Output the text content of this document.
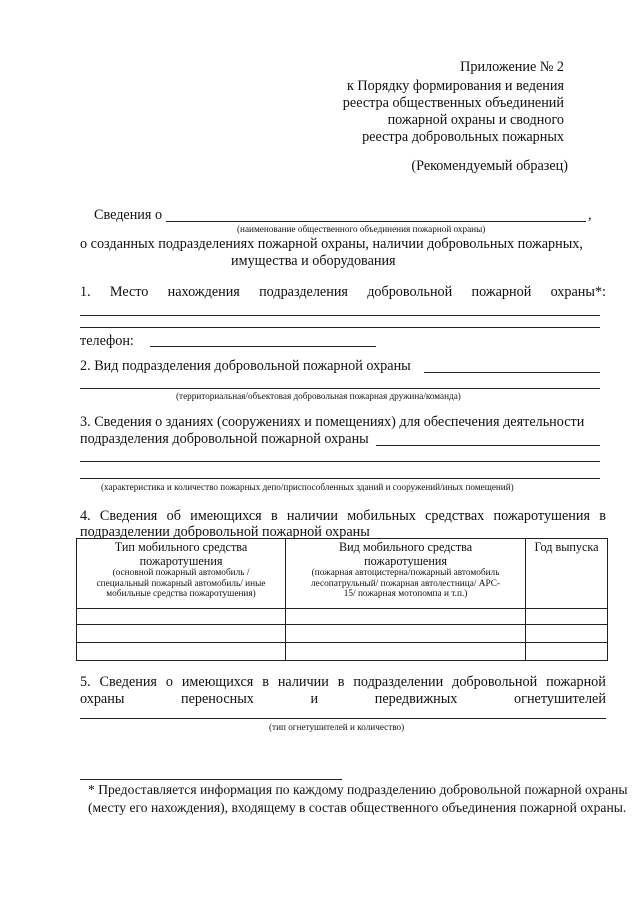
Приложение № 2
к Порядку формирования и ведения
реестра общественных объединений
пожарной охраны и сводного
реестра добровольных пожарных
(Рекомендуемый образец)
Сведения о	,
(наименование общественного объединения пожарной охраны)
о созданных подразделениях пожарной охраны, наличии добровольных пожарных,
имущества и оборудования
1. Место нахождения подразделения добровольной пожарной охраны*:
телефон:
2. Вид подразделения добровольной пожарной охраны
(территориальная/объектовая добровольная пожарная дружина/команда)
3. Сведения о зданиях (сооружениях и помещениях) для обеспечения деятельности
подразделения добровольной пожарной охраны
(характеристика и количество пожарных депо/приспособленных зданий и сооружений/иных помещений)
4. Сведения об имеющихся в наличии мобильных средствах пожаротушения в
подразделении добровольной пожарной охраны
Тип мобильного средства
пожаротушения
(основной пожарный автомобиль /
специальный пожарный автомобиль/ иные
мобильные средства пожаротушения)	Вид мобильного средства
пожаротушения
(пожарная автоцистерна/пожарный автомобиль
лесопатрульный/ пожарная автолестница/ АРС-
15/ пожарная мотопомпа и т.п.)	Год выпуска

5. Сведения о имеющихся в наличии в подразделении добровольной пожарной
охраны	переносных	и	передвижных	огнетушителей
(тип огнетушителей и количество)
* Предоставляется информация по каждому подразделению добровольной пожарной охраны
(месту его нахождения), входящему в состав общественного объединения пожарной охраны.
